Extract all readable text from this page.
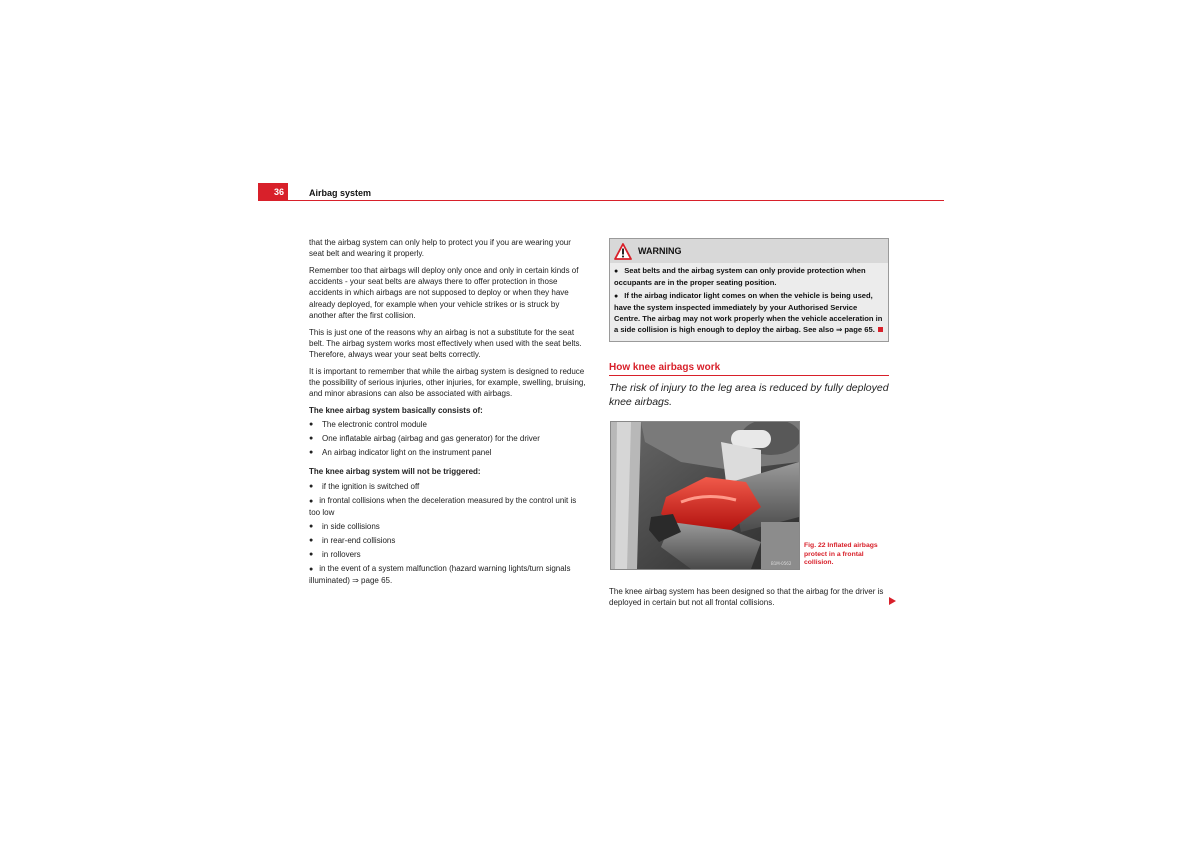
36	Airbag system

that the airbag system can only help to protect you if you are wearing your seat belt and wearing it properly.

Remember too that airbags will deploy only once and only in certain kinds of accidents - your seat belts are always there to offer protection in those accidents in which airbags are not supposed to deploy or when they have already deployed, for example when your vehicle strikes or is struck by another after the first collision.

This is just one of the reasons why an airbag is not a substitute for the seat belt. The airbag system works most effectively when used with the seat belts. Therefore, always wear your seat belts correctly.

It is important to remember that while the airbag system is designed to reduce the possibility of serious injuries, other injuries, for example, swelling, bruising, and minor abrasions can also be associated with airbags.

The knee airbag system basically consists of:
● The electronic control module
● One inflatable airbag (airbag and gas generator) for the driver
● An airbag indicator light on the instrument panel
The knee airbag system will not be triggered:
● if the ignition is switched off
● in frontal collisions when the deceleration measured by the control unit is too low
● in side collisions
● in rear-end collisions
● in rollovers
● in the event of a system malfunction (hazard warning lights/turn signals illuminated) ⇒ page 65.
WARNING
● Seat belts and the airbag system can only provide protection when occupants are in the proper seating position.
● If the airbag indicator light comes on when the vehicle is being used, have the system inspected immediately by your Authorised Service Centre. The airbag may not work properly when the vehicle acceleration in a side collision is high enough to deploy the airbag. See also ⇒ page 65.
How knee airbags work
The risk of injury to the leg area is reduced by fully deployed knee airbags.
B1M-0562
Fig. 22 Inflated airbags protect in a frontal collision.
The knee airbag system has been designed so that the airbag for the driver is deployed in certain but not all frontal collisions.
